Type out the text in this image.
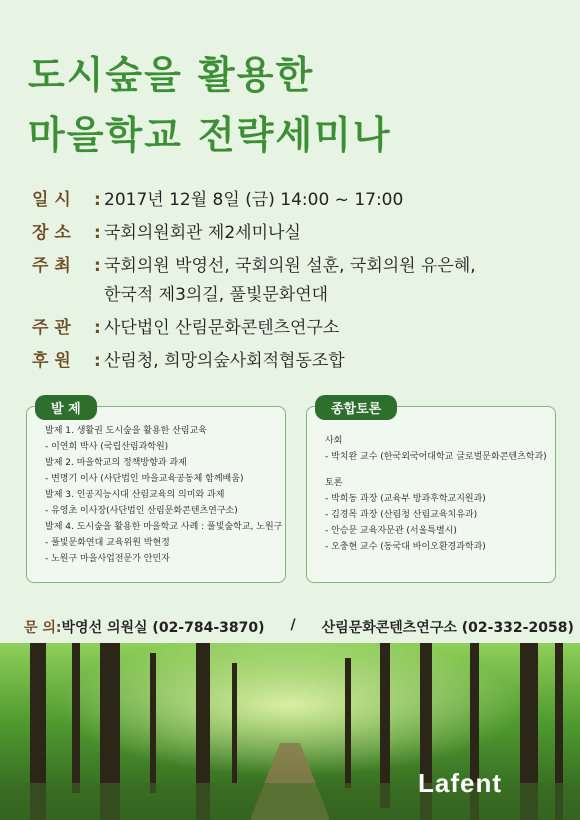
도시숲을 활용한
마을학교 전략세미나
일 시	: 2017년 12월 8일 (금) 14:00 ~ 17:00
장 소	: 국회의원회관 제2세미나실
주 최	: 국회의원 박영선, 국회의원 설훈, 국회의원 유은혜,
한국적 제3의길, 풀빛문화연대
주 관	: 사단법인 산림문화콘텐츠연구소
후 원	: 산림청, 희망의숲사회적협동조합
발 제
발제 1. 생활권 도시숲을 활용한 산림교육
- 이연희 박사 (국립산림과학원)
발제 2. 마을학교의 정책방향과 과제
- 변명기 이사 (사단법인 마을교육공동체 함께배움)
발제 3. 인공지능시대 산림교육의 의미와 과제
- 유영초 이사장(사단법인 산림문화콘텐츠연구소)
발제 4. 도시숲을 활용한 마을학교 사례 : 풀빛숲학교, 노원구
- 풀빛문화연대 교육위원 박현정
- 노원구 마을사업전문가 안민자
종합토론
사회
- 박치완 교수 (한국외국어대학교 글로벌문화콘텐츠학과)
토론
- 박희동 과장 (교육부 방과후학교지원과)
- 김경목 과장 (산림청 산림교육치유과)
- 안승문 교육자문관 (서울특별시)
- 오충현 교수 (동국대 바이오환경과학과)
문 의: 박영선 의원실 (02-784-3870) / 산림문화콘텐츠연구소 (02-332-2058)
Lafent
